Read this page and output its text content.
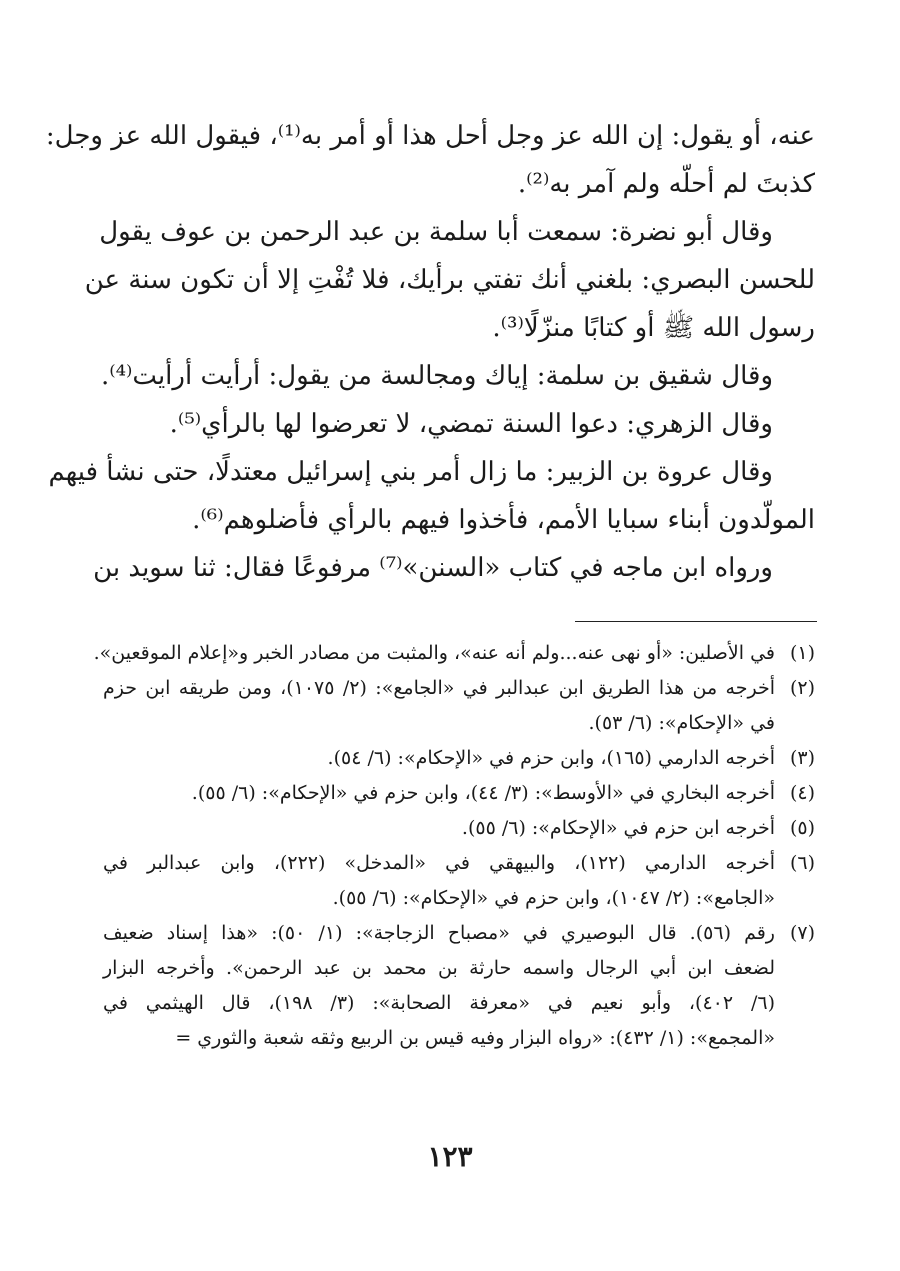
عنه، أو يقول: إن الله عز وجل أحل هذا أو أمر به⁽¹⁾، فيقول الله عز وجل:
كذبتَ لم أحلّه ولم آمر به⁽²⁾.
وقال أبو نضرة: سمعت أبا سلمة بن عبد الرحمن بن عوف يقول
للحسن البصري: بلغني أنك تفتي برأيك، فلا تُفْتِ إلا أن تكون سنة عن
رسول الله ﷺ أو كتابًا منزّلًا⁽³⁾.
وقال شقيق بن سلمة: إياك ومجالسة من يقول: أرأيت أرأيت⁽⁴⁾.
وقال الزهري: دعوا السنة تمضي، لا تعرضوا لها بالرأي⁽⁵⁾.
وقال عروة بن الزبير: ما زال أمر بني إسرائيل معتدلًا، حتى نشأ فيهم
المولّدون أبناء سبايا الأمم، فأخذوا فيهم بالرأي فأضلوهم⁽⁶⁾.
ورواه ابن ماجه في كتاب «السنن»⁽⁷⁾ مرفوعًا فقال: ثنا سويد بن
(١)
في الأصلين: «أو نهى عنه...ولم أنه عنه»، والمثبت من مصادر الخبر و«إعلام الموقعين».
(٢)
أخرجه من هذا الطريق ابن عبدالبر في «الجامع»: (٢/ ١٠٧٥)، ومن طريقه ابن حزم
في «الإحكام»: (٦/ ٥٣).
(٣)
أخرجه الدارمي (١٦٥)، وابن حزم في «الإحكام»: (٦/ ٥٤).
(٤)
أخرجه البخاري في «الأوسط»: (٣/ ٤٤)، وابن حزم في «الإحكام»: (٦/ ٥٥).
(٥)
أخرجه ابن حزم في «الإحكام»: (٦/ ٥٥).
(٦)
أخرجه الدارمي (١٢٢)، والبيهقي في «المدخل» (٢٢٢)، وابن عبدالبر في
«الجامع»: (٢/ ١٠٤٧)، وابن حزم في «الإحكام»: (٦/ ٥٥).
(٧)
رقم (٥٦). قال البوصيري في «مصباح الزجاجة»: (١/ ٥٠): «هذا إسناد ضعيف
لضعف ابن أبي الرجال واسمه حارثة بن محمد بن عبد الرحمن». وأخرجه البزار
(٦/ ٤٠٢)، وأبو نعيم في «معرفة الصحابة»: (٣/ ١٩٨)، قال الهيثمي في
«المجمع»: (١/ ٤٣٢): «رواه البزار وفيه قيس بن الربيع وثقه شعبة والثوري =
١٢٣
